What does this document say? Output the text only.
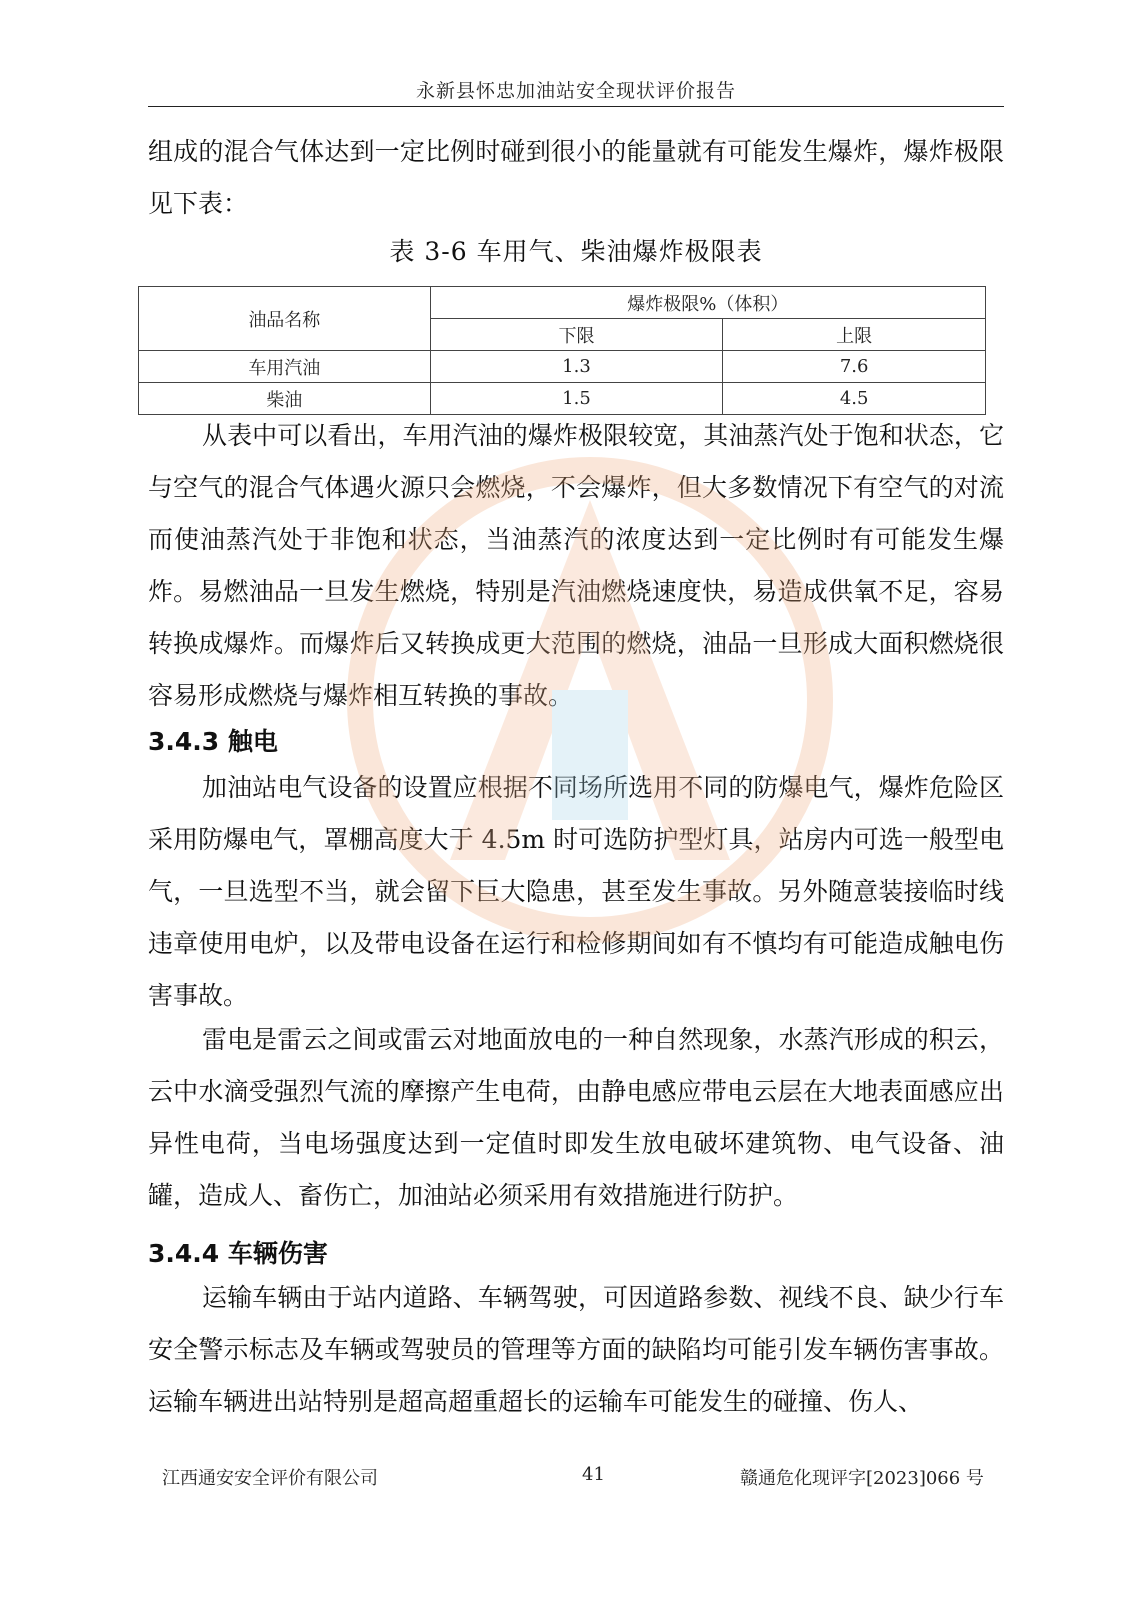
永新县怀忠加油站安全现状评价报告

组成的混合气体达到一定比例时碰到很小的能量就有可能发生爆炸，爆炸极限见下表：

表 3-6 车用气、柴油爆炸极限表
油品名称	爆炸极限%（体积）	
	下限	上限
车用汽油	1.3	7.6
柴油	1.5	4.5

从表中可以看出，车用汽油的爆炸极限较宽，其油蒸汽处于饱和状态，它与空气的混合气体遇火源只会燃烧，不会爆炸，但大多数情况下有空气的对流而使油蒸汽处于非饱和状态，当油蒸汽的浓度达到一定比例时有可能发生爆炸。易燃油品一旦发生燃烧，特别是汽油燃烧速度快，易造成供氧不足，容易转换成爆炸。而爆炸后又转换成更大范围的燃烧，油品一旦形成大面积燃烧很容易形成燃烧与爆炸相互转换的事故。

3.4.3 触电

加油站电气设备的设置应根据不同场所选用不同的防爆电气，爆炸危险区采用防爆电气，罩棚高度大于 4.5m 时可选防护型灯具，站房内可选一般型电气，一旦选型不当，就会留下巨大隐患，甚至发生事故。另外随意装接临时线违章使用电炉，以及带电设备在运行和检修期间如有不慎均有可能造成触电伤害事故。

雷电是雷云之间或雷云对地面放电的一种自然现象，水蒸汽形成的积云，云中水滴受强烈气流的摩擦产生电荷，由静电感应带电云层在大地表面感应出异性电荷，当电场强度达到一定值时即发生放电破坏建筑物、电气设备、油罐，造成人、畜伤亡，加油站必须采用有效措施进行防护。

3.4.4 车辆伤害

运输车辆由于站内道路、车辆驾驶，可因道路参数、视线不良、缺少行车安全警示标志及车辆或驾驶员的管理等方面的缺陷均可能引发车辆伤害事故。运输车辆进出站特别是超高超重超长的运输车可能发生的碰撞、伤人、

江西通安安全评价有限公司	41	赣通危化现评字[2023]066 号
